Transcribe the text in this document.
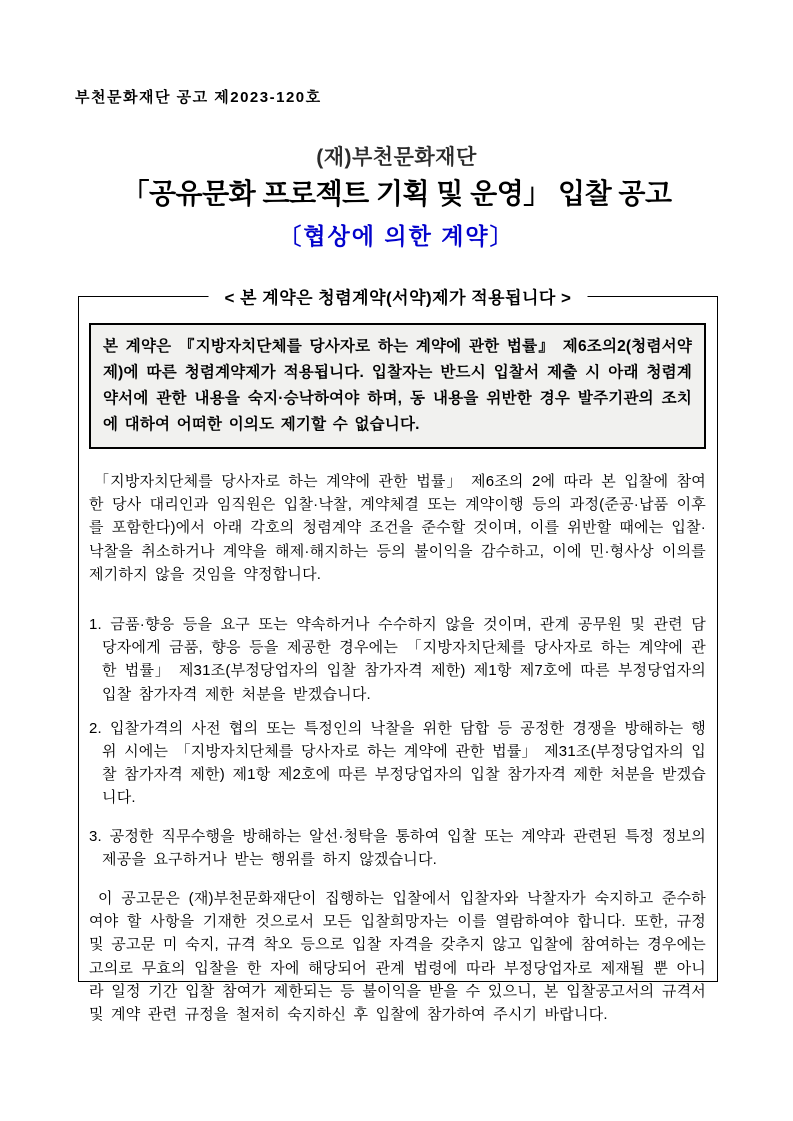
부천문화재단 공고 제2023-120호
(재)부천문화재단
「공유문화 프로젝트 기획 및 운영」 입찰 공고
〔협상에 의한 계약〕
< 본 계약은 청렴계약(서약)제가 적용됩니다 >
본 계약은 『지방자치단체를 당사자로 하는 계약에 관한 법률』 제6조의2(청렴서약제)에 따른 청렴계약제가 적용됩니다. 입찰자는 반드시 입찰서 제출 시 아래 청렴계약서에 관한 내용을 숙지·승낙하여야 하며, 동 내용을 위반한 경우 발주기관의 조치에 대하여 어떠한 이의도 제기할 수 없습니다.

「지방자치단체를 당사자로 하는 계약에 관한 법률」 제6조의 2에 따라 본 입찰에 참여한 당사 대리인과 임직원은 입찰·낙찰, 계약체결 또는 계약이행 등의 과정(준공·납품 이후를 포함한다)에서 아래 각호의 청렴계약 조건을 준수할 것이며, 이를 위반할 때에는 입찰·낙찰을 취소하거나 계약을 해제·해지하는 등의 불이익을 감수하고, 이에 민·형사상 이의를 제기하지 않을 것임을 약정합니다.

1. 금품·향응 등을 요구 또는 약속하거나 수수하지 않을 것이며, 관계 공무원 및 관련 담당자에게 금품, 향응 등을 제공한 경우에는 「지방자치단체를 당사자로 하는 계약에 관한 법률」 제31조(부정당업자의 입찰 참가자격 제한) 제1항 제7호에 따른 부정당업자의 입찰 참가자격 제한 처분을 받겠습니다.

2. 입찰가격의 사전 협의 또는 특정인의 낙찰을 위한 담합 등 공정한 경쟁을 방해하는 행위 시에는 「지방자치단체를 당사자로 하는 계약에 관한 법률」 제31조(부정당업자의 입찰 참가자격 제한) 제1항 제2호에 따른 부정당업자의 입찰 참가자격 제한 처분을 받겠습니다.

3. 공정한 직무수행을 방해하는 알선·청탁을 통하여 입찰 또는 계약과 관련된 특정 정보의 제공을 요구하거나 받는 행위를 하지 않겠습니다.

이 공고문은 (재)부천문화재단이 집행하는 입찰에서 입찰자와 낙찰자가 숙지하고 준수하여야 할 사항을 기재한 것으로서 모든 입찰희망자는 이를 열람하여야 합니다. 또한, 규정 및 공고문 미 숙지, 규격 착오 등으로 입찰 자격을 갖추지 않고 입찰에 참여하는 경우에는 고의로 무효의 입찰을 한 자에 해당되어 관계 법령에 따라 부정당업자로 제재될 뿐 아니라 일정 기간 입찰 참여가 제한되는 등 불이익을 받을 수 있으니, 본 입찰공고서의 규격서 및 계약 관련 규정을 철저히 숙지하신 후 입찰에 참가하여 주시기 바랍니다.
